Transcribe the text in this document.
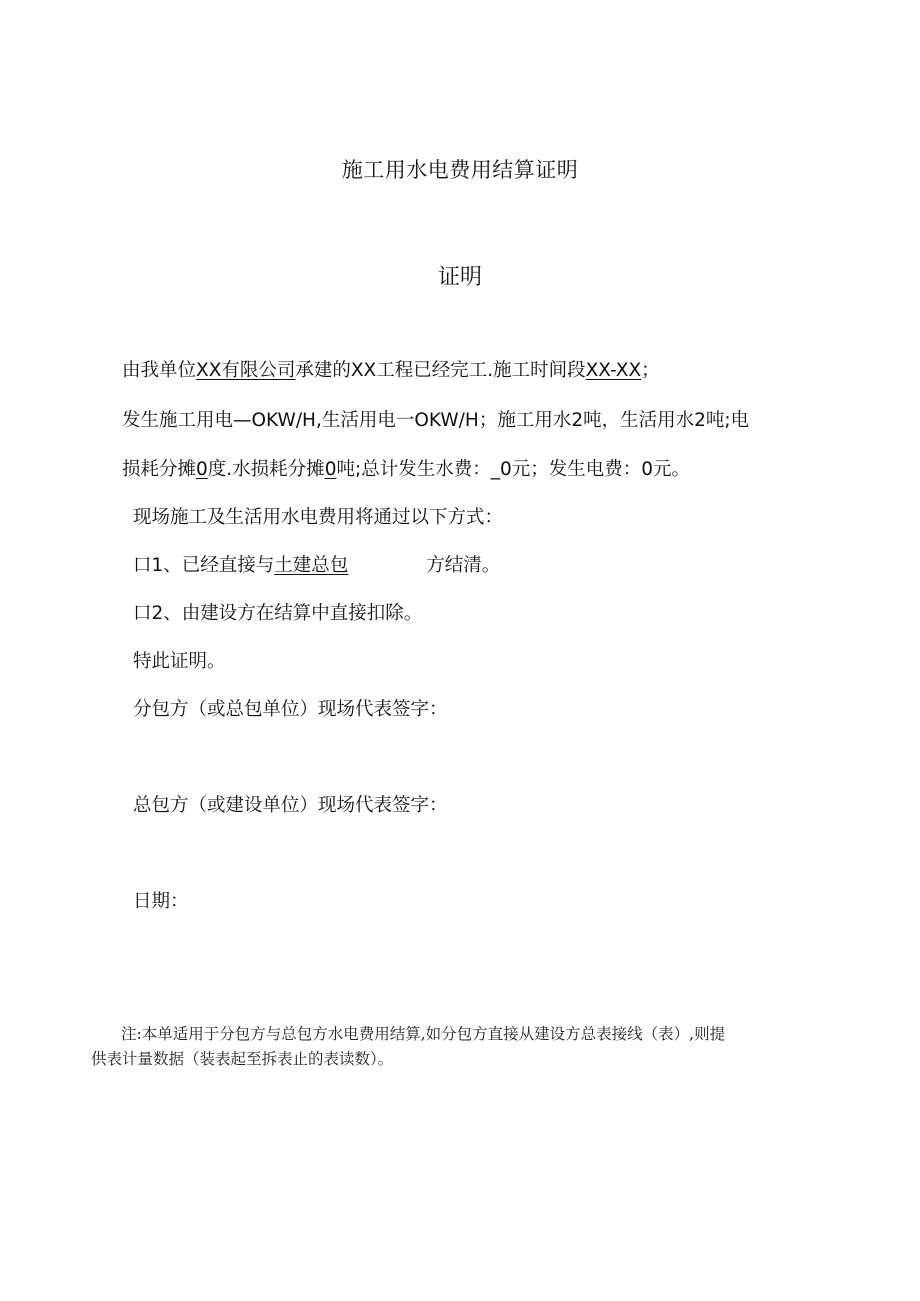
施工用水电费用结算证明
证明
由我单位XX有限公司承建的XX工程已经完工.施工时间段XX-XX；
发生施工用电—OKW/H,生活用电一OKW/H；施工用水2吨，生活用水2吨;电
损耗分摊0度.水损耗分摊0吨;总计发生水费：_0元；发生电费：0元。
现场施工及生活用水电费用将通过以下方式：
口1、已经直接与土建总包	方结清。
口2、由建设方在结算中直接扣除。
特此证明。
分包方（或总包单位）现场代表签字：
总包方（或建设单位）现场代表签字：
日期：
注:本单适用于分包方与总包方水电费用结算,如分包方直接从建设方总表接线（表）,则提
供表计量数据（装表起至拆表止的表读数）。
